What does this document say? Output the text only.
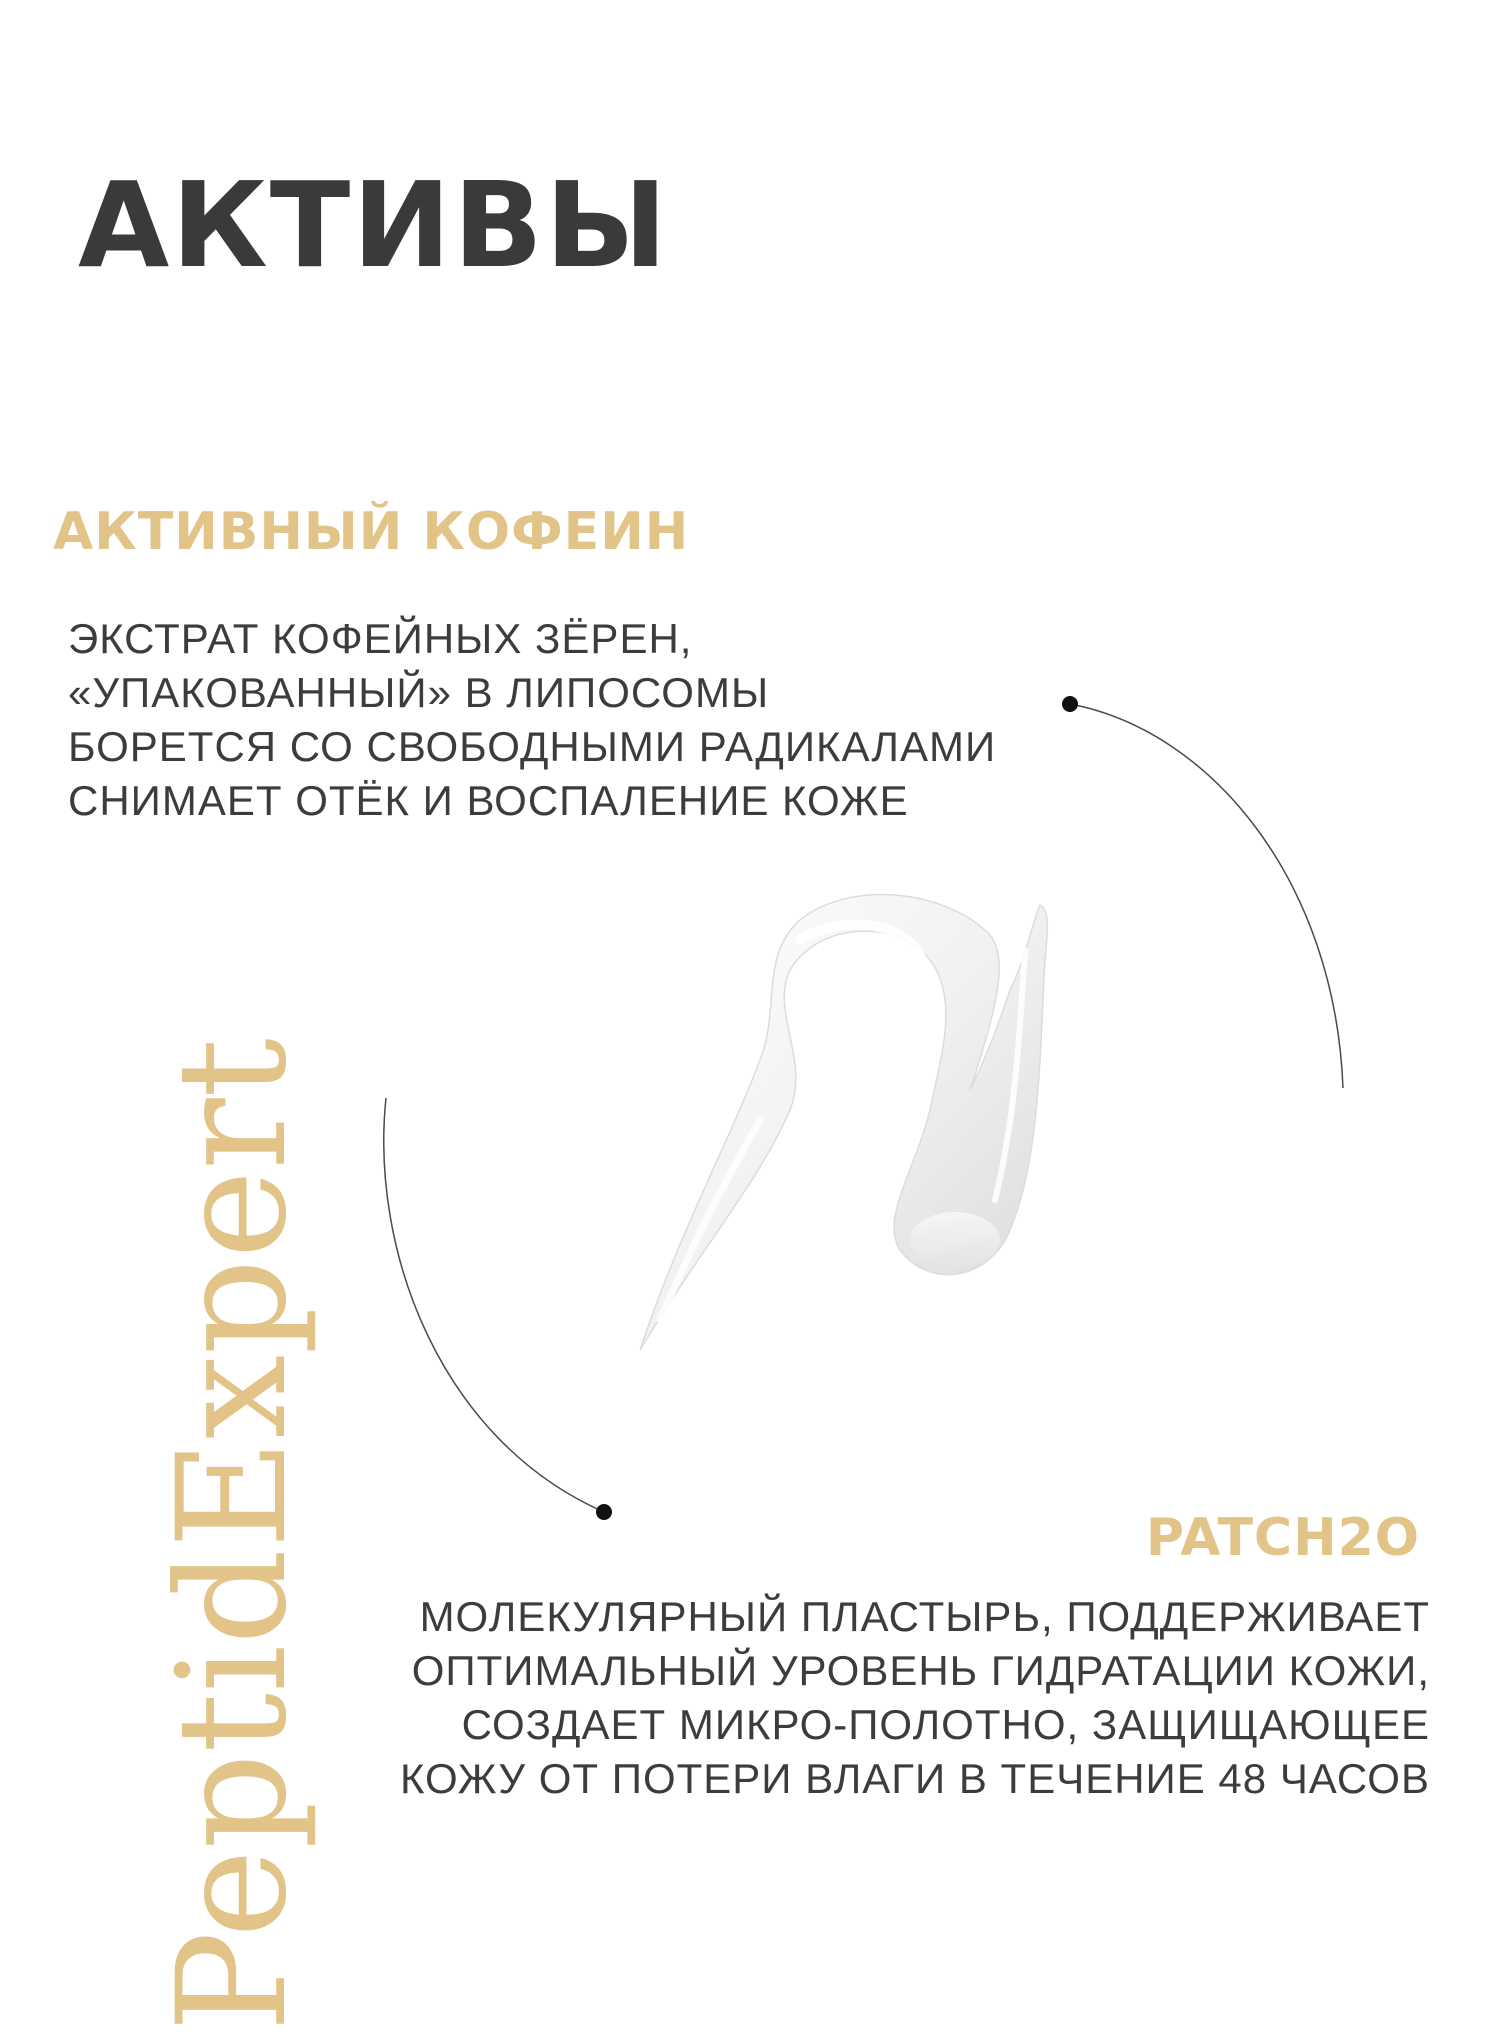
АКТИВЫ
АКТИВНЫЙ КОФЕИН
ЭКСТРАТ КОФЕЙНЫХ ЗЁРЕН,
«УПАКОВАННЫЙ» В ЛИПОСОМЫ
БОРЕТСЯ СО СВОБОДНЫМИ РАДИКАЛАМИ
СНИМАЕТ ОТЁК И ВОСПАЛЕНИЕ КОЖЕ
PATCH2O
МОЛЕКУЛЯРНЫЙ ПЛАСТЫРЬ, ПОДДЕРЖИВАЕТ
ОПТИМАЛЬНЫЙ УРОВЕНЬ ГИДРАТАЦИИ КОЖИ,
СОЗДАЕТ МИКРО-ПОЛОТНО, ЗАЩИЩАЮЩЕЕ
КОЖУ ОТ ПОТЕРИ ВЛАГИ В ТЕЧЕНИЕ 48 ЧАСОВ
PeptidExpert
